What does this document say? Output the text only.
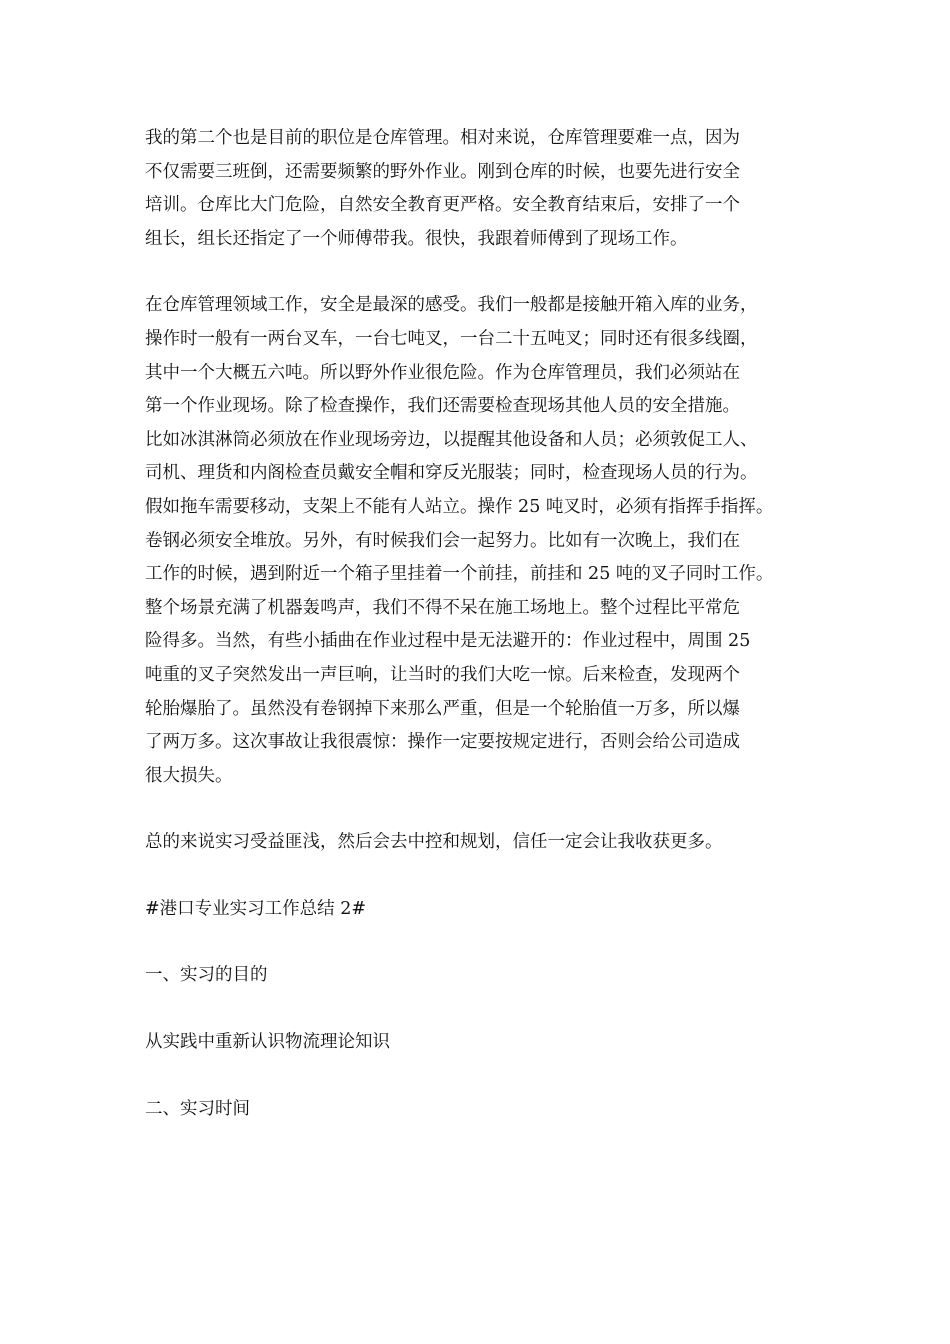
我的第二个也是目前的职位是仓库管理。相对来说，仓库管理要难一点，因为
不仅需要三班倒，还需要频繁的野外作业。刚到仓库的时候，也要先进行安全
培训。仓库比大门危险，自然安全教育更严格。安全教育结束后，安排了一个
组长，组长还指定了一个师傅带我。很快，我跟着师傅到了现场工作。

在仓库管理领域工作，安全是最深的感受。我们一般都是接触开箱入库的业务，
操作时一般有一两台叉车，一台七吨叉，一台二十五吨叉；同时还有很多线圈，
其中一个大概五六吨。所以野外作业很危险。作为仓库管理员，我们必须站在
第一个作业现场。除了检查操作，我们还需要检查现场其他人员的安全措施。
比如冰淇淋筒必须放在作业现场旁边，以提醒其他设备和人员；必须敦促工人、
司机、理货和内阁检查员戴安全帽和穿反光服装；同时，检查现场人员的行为。
假如拖车需要移动，支架上不能有人站立。操作 25 吨叉时，必须有指挥手指挥。
卷钢必须安全堆放。另外，有时候我们会一起努力。比如有一次晚上，我们在
工作的时候，遇到附近一个箱子里挂着一个前挂，前挂和 25 吨的叉子同时工作。
整个场景充满了机器轰鸣声，我们不得不呆在施工场地上。整个过程比平常危
险得多。当然，有些小插曲在作业过程中是无法避开的：作业过程中，周围 25
吨重的叉子突然发出一声巨响，让当时的我们大吃一惊。后来检查，发现两个
轮胎爆胎了。虽然没有卷钢掉下来那么严重，但是一个轮胎值一万多，所以爆
了两万多。这次事故让我很震惊：操作一定要按规定进行，否则会给公司造成
很大损失。

总的来说实习受益匪浅，然后会去中控和规划，信任一定会让我收获更多。

#港口专业实习工作总结 2#

一、实习的目的

从实践中重新认识物流理论知识

二、实习时间
